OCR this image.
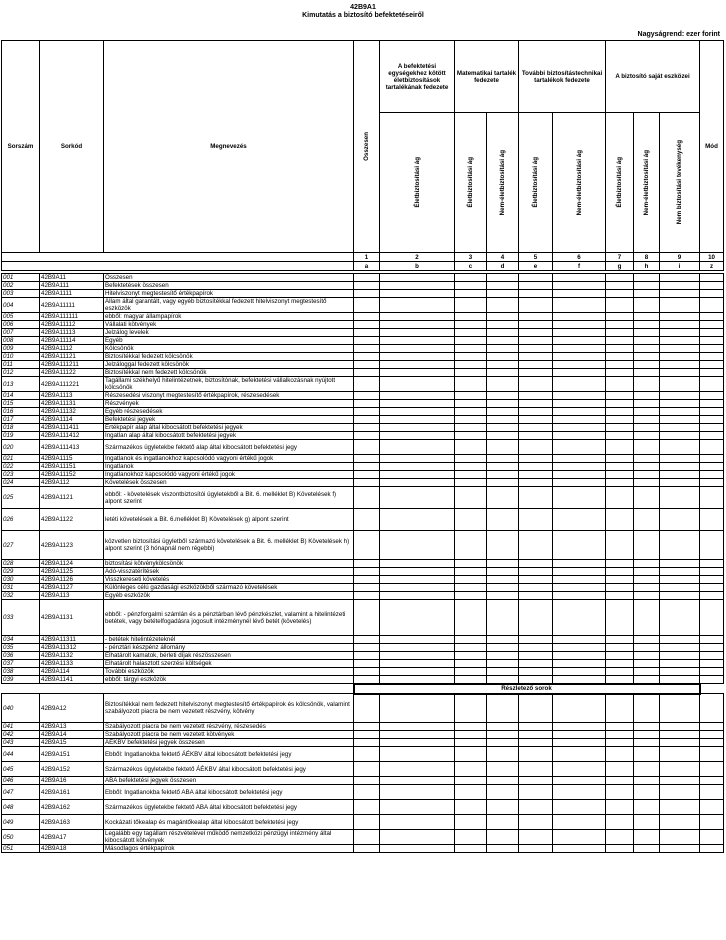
42B9A1
Kimutatás a biztosító befektetéseiről
Nagyságrend: ezer forint
Sorszám	Sorkód	Megnevezés	Összesen	A befektetési egységekhez kötött életbiztosítások tartalékának fedezete	Matematikai tartalék fedezete		További biztosítástechnikai tartalékok fedezete		A biztosító saját eszközei			Mód

				Életbiztosítási ág	Életbiztosítási ág	Nem-életbiztosítási ág	Életbiztosítási ág	Nem-életbiztosítási ág	Életbiztosítási ág	Nem-életbiztosítási ág	Nem biztosítási tevékenység	

			1	2	3	4	5	6	7	8	9	10
			a	b	c	d	e	f	g	h	i	z

001	42B9A11	Összesen										
002	42B9A111	Befektetések összesen										
003	42B9A1111	Hitelviszonyt megtestesítő értékpapírok										
004	42B9A11111	Állam által garantált, vagy egyéb biztosítékkal fedezett hitelviszonyt megtestesítő eszközök										
005	42B9A111111	ebből: magyar állampapírok										
006	42B9A11112	Vállalati kötvények										
007	42B9A11113	Jelzálog levelek										
008	42B9A11114	Egyéb										
009	42B9A1112	Kölcsönök										
010	42B9A11121	Biztosítékkal fedezett kölcsönök										
011	42B9A111211	Jelzáloggal fedezett kölcsönök										
012	42B9A11122	Biztosítékkal nem fedezett kölcsönök										
013	42B9A111221	Tagállami székhelyű hitelintézetnek, biztosítónak, befektetési vállalkozásnak nyújtott kölcsönök										
014	42B9A1113	Részesedési viszonyt megtestesítő értékpapírok, részesedések										
015	42B9A11131	Részvények										
016	42B9A11132	Egyéb részesedések										
017	42B9A1114	Befektetési jegyek										
018	42B9A111411	Értékpapír alap által kibocsátott befektetési jegyek										
019	42B9A111412	Ingatlan alap által kibocsátott befektetési jegyek										
020	42B9A111413	Származékos ügyletekbe fektető alap által kibocsátott befektetési jegy										
021	42B9A1115	Ingatlanok és ingatlanokhoz kapcsolódó vagyoni értékű jogok										
022	42B9A11151	Ingatlanok										
023	42B9A11152	Ingatlanokhoz kapcsolódó vagyoni értékű jogok										
024	42B9A112	Követelések összesen										
025	42B9A1121	ebből: - követelések viszontbiztosítói ügyletekből a Bit. 6. melléklet B) Követelések f) alpont szerint										
026	42B9A1122	letéti követelések a Bit. 6.melléklet B) Követelések g) alpont szerint										
027	42B9A1123	közvetlen biztosítási ügyletből származó követelések a Bit. 6. melléklet B) Követelések h) alpont szerint (3 hónapnál nem régebbi)										
028	42B9A1124	biztosítási kötvénykölcsönök										
029	42B9A1125	Adó-visszatérítések										
030	42B9A1126	Visszkereseti követelés										
031	42B9A1127	Különleges célú gazdasági eszközökből származó követelések										
032	42B9A113	Egyéb eszközök										
033	42B9A1131	ebből: - pénzforgalmi számlán és a pénztárban lévő pénzkészlet, valamint a hitelintézeti betétek, vagy betételfogadásra jogosult intézménynél lévő betét (követelés)										
034	42B9A11311	- betétek hitelintézeteknél										
035	42B9A11312	- pénztári készpénz állomány										
036	42B9A1132	Elhatárolt kamatok, bérleti díjak részösszesen										
037	42B9A1133	Elhatárolt halasztott szerzési költségek										
038	42B9A114	További eszközök										
039	42B9A1141	ebből: tárgyi eszközök										
			Részletező sorok									
040	42B9A12	Biztosítékkal nem fedezett hitelviszonyt megtestesítő értékpapírok és kölcsönök, valamint szabályozott piacra be nem vezetett részvény, kötvény										
041	42B9A13	Szabályozott piacra be nem vezetett részvény, részesedés										
042	42B9A14	Szabályozott piacra be nem vezetett kötvények										
043	42B9A15	ÁÉKBV befektetési jegyek összesen										
044	42B9A151	Ebből: Ingatlanokba fektető ÁÉKBV által kibocsátott befektetési jegy										
045	42B9A152	Származékos ügyletekbe fektető ÁÉKBV által kibocsátott befektetési jegy										
046	42B9A16	ABA befektetési jegyek összesen										
047	42B9A161	Ebből: Ingatlanokba fektető ABA által kibocsátott befektetési jegy										
048	42B9A162	Származékos ügyletekbe fektető ABA által kibocsátott befektetési jegy										
049	42B9A163	Kockázati tőkealap és magántőkealap által kibocsátott befektetési jegy										
050	42B9A17	Legalább egy tagállam részvételével működő nemzetközi pénzügyi intézmény által kibocsátott kötvények										
051	42B9A18	Másodlagos értékpapírok										
